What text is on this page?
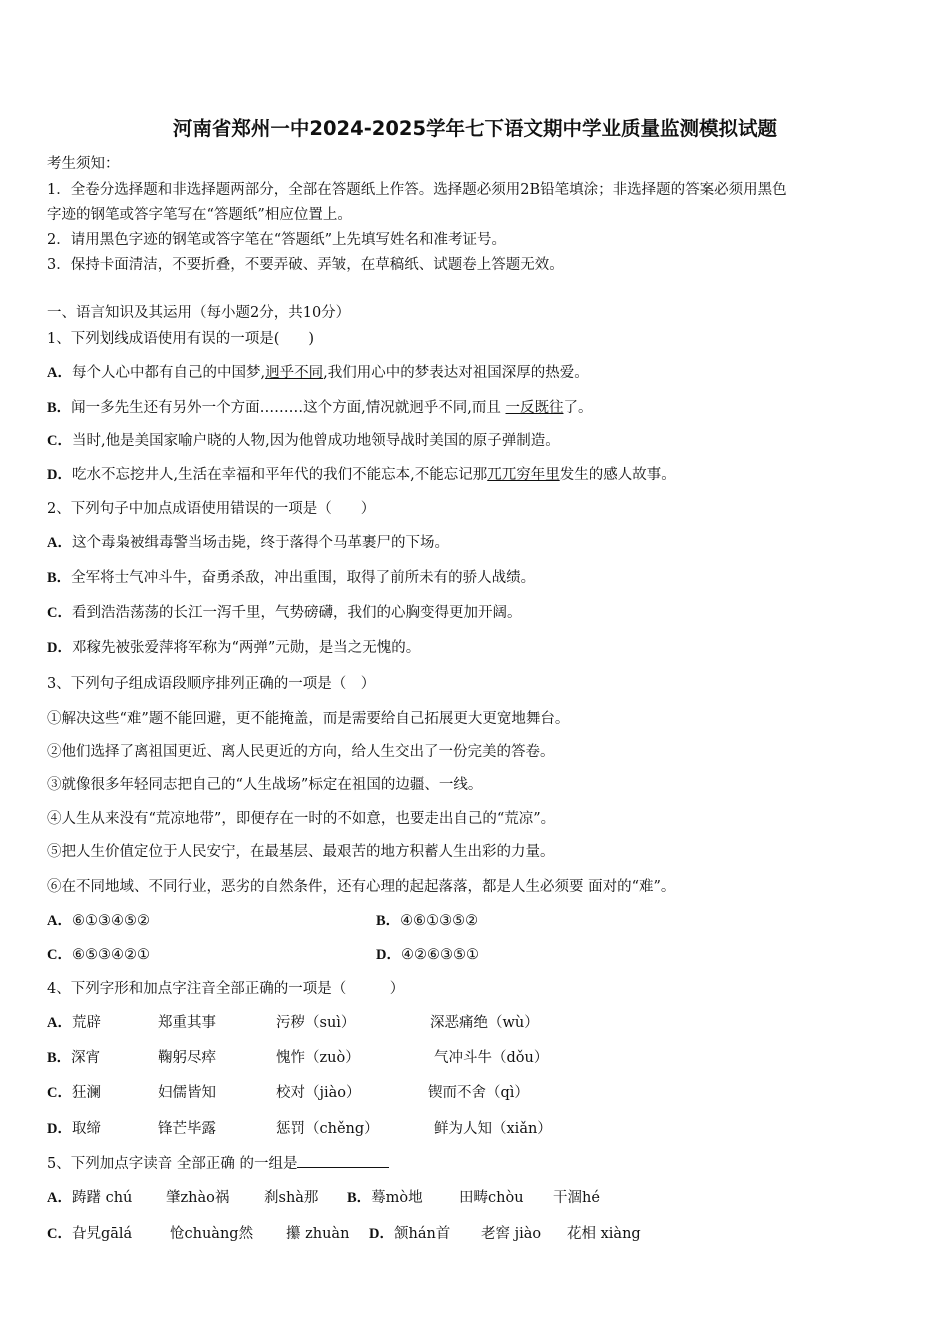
河南省郑州一中2024-2025学年七下语文期中学业质量监测模拟试题
考生须知：
1．全卷分选择题和非选择题两部分，全部在答题纸上作答。选择题必须用2B铅笔填涂；非选择题的答案必须用黑色
字迹的钢笔或答字笔写在“答题纸”相应位置上。
2．请用黑色字迹的钢笔或答字笔在“答题纸”上先填写姓名和准考证号。
3．保持卡面清洁，不要折叠，不要弄破、弄皱，在草稿纸、试题卷上答题无效。
一、语言知识及其运用（每小题2分，共10分）
1、下列划线成语使用有误的一项是(　　)
A．每个人心中都有自己的中国梦,迥乎不同,我们用心中的梦表达对祖国深厚的热爱。
B．闻一多先生还有另外一个方面………这个方面,情况就迥乎不同,而且 一反既往了。
C．当时,他是美国家喻户晓的人物,因为他曾成功地领导战时美国的原子弹制造。
D．吃水不忘挖井人,生活在幸福和平年代的我们不能忘本,不能忘记那兀兀穷年里发生的感人故事。
2、下列句子中加点成语使用错误的一项是（　　）
A．这个毒枭被缉毒警当场击毙，终于落得个马革裹尸的下场。
B．全军将士气冲斗牛，奋勇杀敌，冲出重围，取得了前所未有的骄人战绩。
C．看到浩浩荡荡的长江一泻千里，气势磅礴，我们的心胸变得更加开阔。
D．邓稼先被张爱萍将军称为“两弹”元勋，是当之无愧的。
3、下列句子组成语段顺序排列正确的一项是（　）
①解决这些“难”题不能回避，更不能掩盖，而是需要给自己拓展更大更宽地舞台。
②他们选择了离祖国更近、离人民更近的方向，给人生交出了一份完美的答卷。
③就像很多年轻同志把自己的“人生战场”标定在祖国的边疆、一线。
④人生从来没有“荒凉地带”，即便存在一时的不如意，也要走出自己的“荒凉”。
⑤把人生价值定位于人民安宁，在最基层、最艰苦的地方积蓄人生出彩的力量。
⑥在不同地域、不同行业，恶劣的自然条件，还有心理的起起落落，都是人生必须要 面对的“难”。
A．⑥①③④⑤②	B．④⑥①③⑤②
C．⑥⑤③④②①	D．④②⑥③⑤①
4、下列字形和加点字注音全部正确的一项是（　　　）
A．荒辟	郑重其事	污秽（suì）	深恶痛绝（wù）
B．深宵	鞠躬尽瘁	愧怍（zuò）	气冲斗牛（dǒu）
C．狂澜	妇儒皆知	校对（jiào）	锲而不舍（qì）
D．取缔	锋芒毕露	惩罚（chěng）	鲜为人知（xiǎn）
5、下列加点字读音 全部正确 的一组是
A．踌躇 chú 肇zhào祸 刹shà那 B．蓦mò地	田畴chòu 干涸hé
C．旮旯gālá	怆chuàng然 攥 zhuàn D．颔hán首 老窖 jiào 花相 xiàng
